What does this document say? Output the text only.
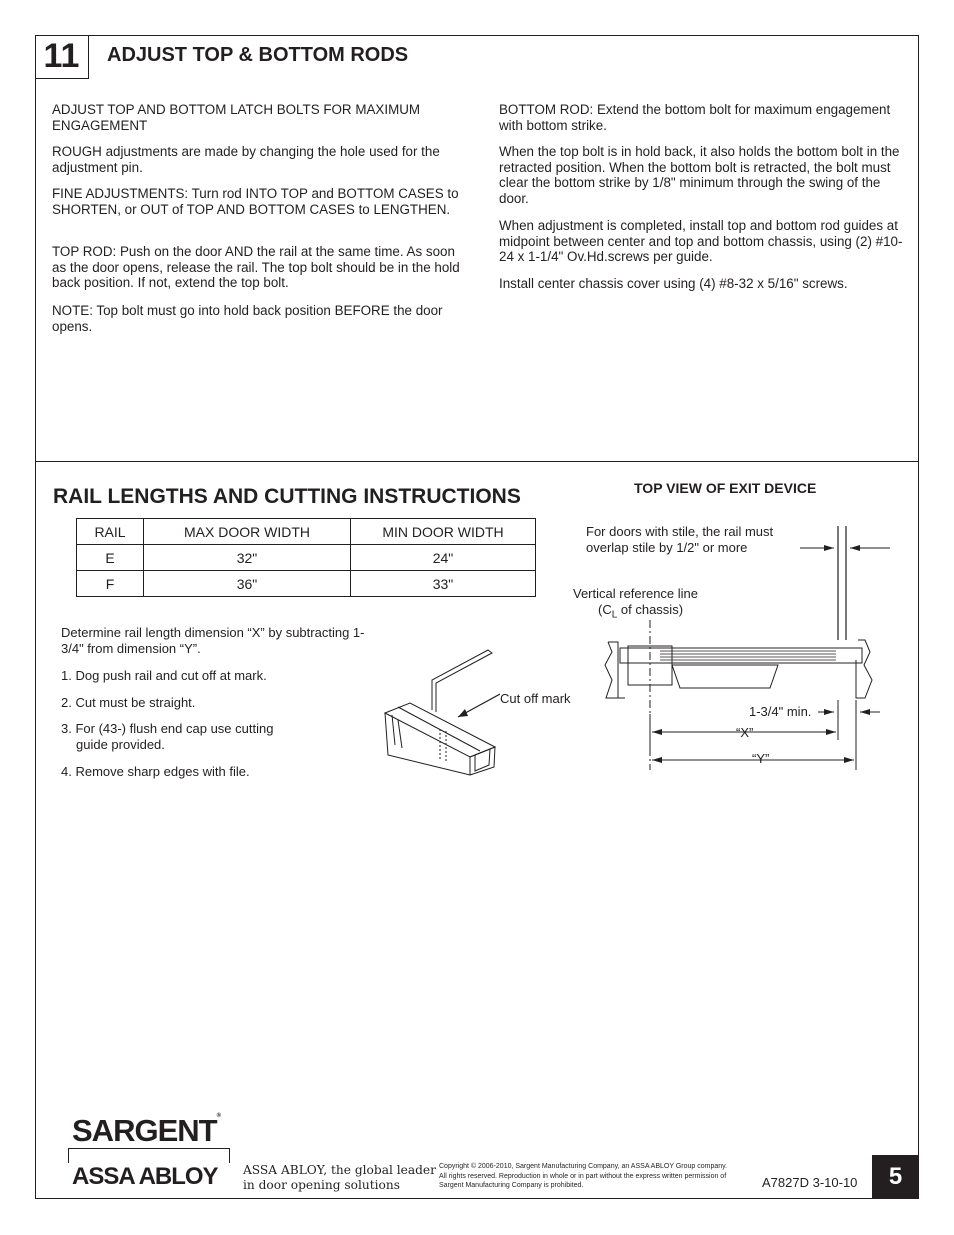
11	ADJUST TOP & BOTTOM RODS
ADJUST TOP AND BOTTOM LATCH BOLTS FOR MAXIMUM ENGAGEMENT
ROUGH adjustments are made by changing the hole used for the adjustment pin.
FINE ADJUSTMENTS: Turn rod INTO TOP and BOTTOM CASES to SHORTEN, or OUT of TOP AND BOTTOM CASES to LENGTHEN.
TOP ROD: Push on the door AND the rail at the same time. As soon as the door opens, release the rail. The top bolt should be in the hold back position. If not, extend the top bolt.
NOTE: Top bolt must go into hold back position BEFORE the door opens.
BOTTOM ROD: Extend the bottom bolt for maximum engagement with bottom strike.
When the top bolt is in hold back, it also holds the bottom bolt in the retracted position. When the bottom bolt is retracted, the bolt must clear the bottom strike by 1/8" minimum through the swing of the door.
When adjustment is completed, install top and bottom rod guides at midpoint between center and top and bottom chassis, using (2) #10-24 x 1-1/4" Ov.Hd.screws per guide.
Install center chassis cover using (4) #8-32 x 5/16" screws.
RAIL LENGTHS AND CUTTING INSTRUCTIONS
RAIL	MAX DOOR WIDTH	MIN DOOR WIDTH
E	32"	24"
F	36"	33"
Determine rail length dimension “X” by subtracting 1-3/4" from dimension “Y”.
1. Dog push rail and cut off at mark.
2. Cut must be straight.
3. For (43-) flush end cap use cutting
guide provided.
4. Remove sharp edges with file.
Cut off mark
TOP VIEW OF EXIT DEVICE
For doors with stile, the rail must
overlap stile by 1/2" or more
Vertical reference line
($C_L$ of chassis)
1-3/4" min.
“X”
“Y”
SARGENT®
ASSA ABLOY ASSA ABLOY, the global leader
in door opening solutions
Copyright © 2006-2010, Sargent Manufacturing Company, an ASSA ABLOY Group company. All rights reserved. Reproduction in whole or in part without the express written permission of Sargent Manufacturing Company is prohibited.	A7827D 3-10-10	5
